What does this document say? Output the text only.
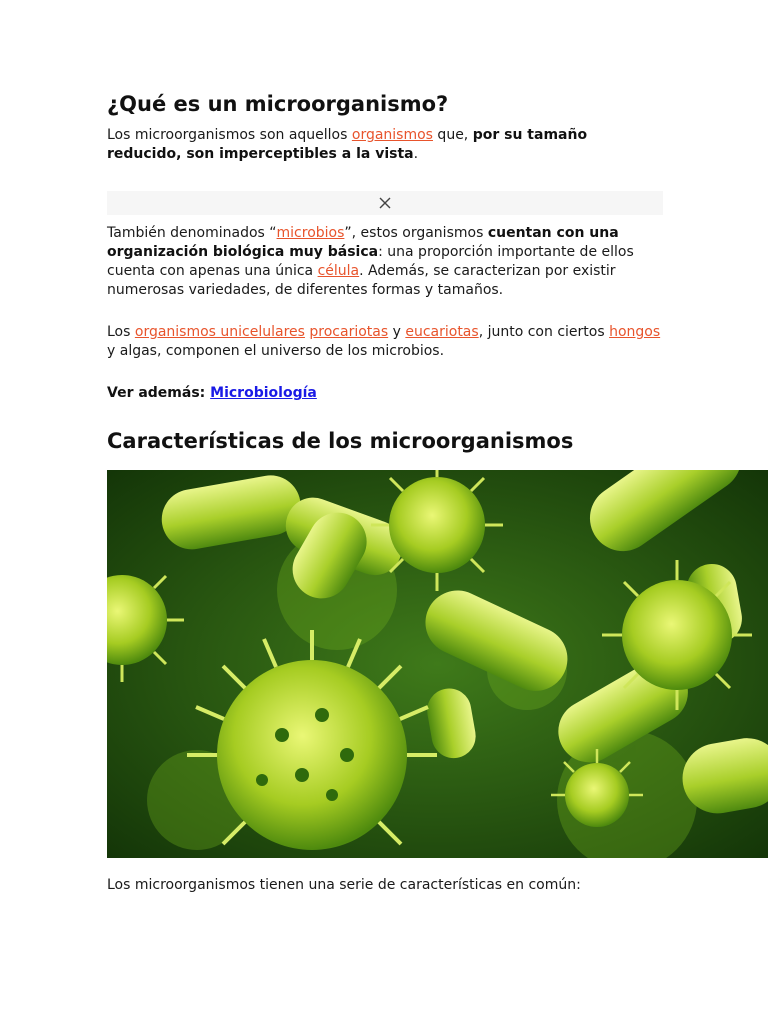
¿Qué es un microorganismo?

Los microorganismos son aquellos organismos que, por su tamaño reducido, son imperceptibles a la vista.

También denominados “microbios”, estos organismos cuentan con una organización biológica muy básica: una proporción importante de ellos cuenta con apenas una única célula. Además, se caracterizan por existir numerosas variedades, de diferentes formas y tamaños.

Los organismos unicelulares procariotas y eucariotas, junto con ciertos hongos y algas, componen el universo de los microbios.

Ver además: Microbiología

Características de los microorganismos

Los microorganismos tienen una serie de características en común:
